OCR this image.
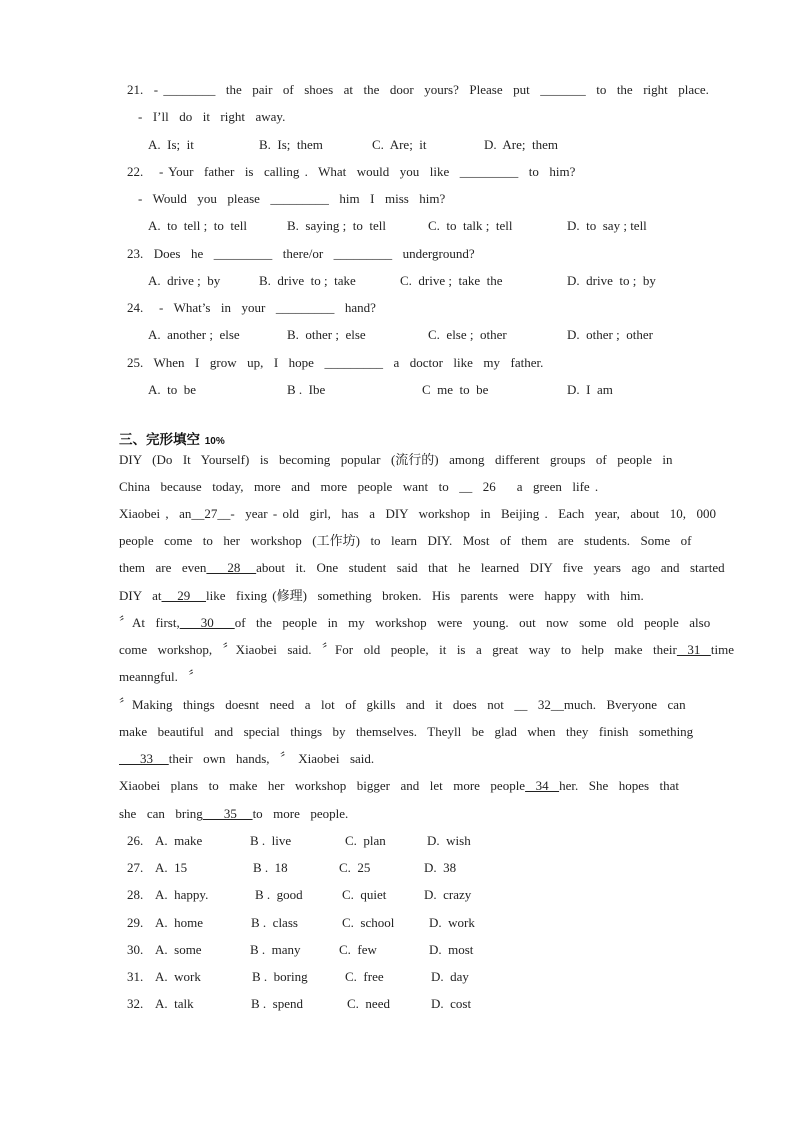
21.  - ________  the  pair  of  shoes  at  the  door  yours?  Please  put  _______  to  the  right  place.
-  I’ll  do  it  right  away.
A.  Is;  it	B.  Is;  them	C.  Are;  it	D.  Are;  them
22.   - Your  father  is  calling .  What  would  you  like  _________  to  him?
-  Would  you  please  _________  him  I  miss  him?
A.  to  tell ;  to  tell	B.  saying ;  to  tell	C.  to  talk ;  tell	D.  to  say ; tell
23.  Does  he  _________  there/or  _________  underground?
A.  drive ;  by	B.  drive  to ;  take	C.  drive ;  take  the	D.  drive  to ;  by
24.   -  What’s  in  your  _________  hand?
A.  another ;  else	B.  other ;  else	C.  else ;  other	D.  other ;  other
25.  When  I  grow  up,  I  hope  _________  a  doctor  like  my  father.
A.  to  be	B .  Ibe	C  me  to  be	D.  I  am
三、完形填空 10%
DIY  (Do  It  Yourself)  is  becoming  popular  (流行的)  among  different  groups  of  people  in
China  because  today,  more  and  more  people  want  to  __  26    a  green  life .
Xiaobei ,  an__27__-  year - old  girl,  has  a  DIY  workshop  in  Beijing .  Each  year,  about  10,  000
people  come  to  her  workshop  (工作坊)  to  learn  DIY.  Most  of  them  are  students.  Some  of
them  are  even    28   about  it.  One  student  said  that  he  learned  DIY  five  years  ago  and  started
DIY  at   29   like  fixing (修理)  something  broken.  His  parents  were  happy  with  him.
〞At  first,    30    of  the  people  in  my  workshop  were  young.  out  now  some  old  people  also
come  workshop,  〞Xiaobei  said.  〞For  old  people,  it  is  a  great  way  to  help  make  their  31  time
meanngful.  〞
〞Making  things  doesnt  need  a  lot  of  gkills  and  it  does  not  __  32__much.  Bveryone  can
make  beautiful  and  special  things  by  themselves.  Theyll  be  glad  when  they  finish  something
33   their  own  hands,  〞 Xiaobei  said.
Xiaobei  plans  to  make  her  workshop  bigger  and  let  more  people  34  her.  She  hopes  that
she  can  bring    35   to  more  people.
26. A.  make	B .  live	C.  plan	D.  wish
27. A.  15	B .  18	C.  25	D.  38
28. A.  happy.	B .  good	C.  quiet	D.  crazy
29. A.  home	B .  class	C.  school	D.  work
30. A.  some	B .  many	C.  few	D.  most
31. A.  work	B .  boring	C.  free	D.  day
32. A.  talk	B .  spend	C.  need	D.  cost
